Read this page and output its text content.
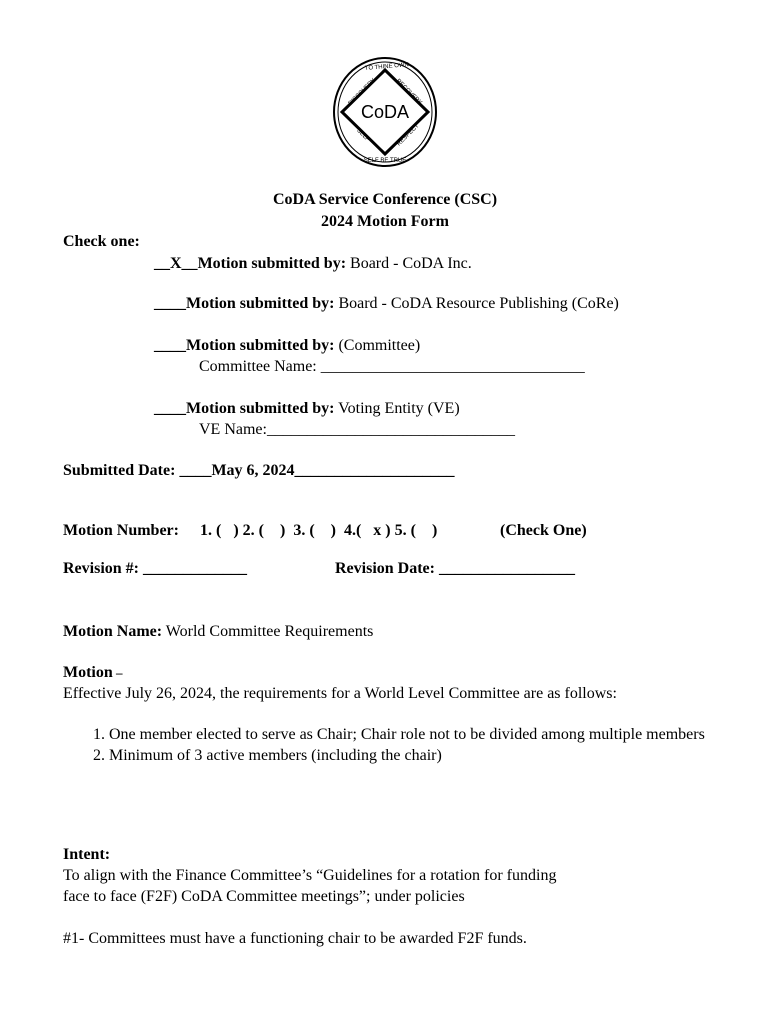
CoDA
TO THINE OWN
SELF BE TRUE
DISCOVERY	RECOVERY
SELF	RESPECT
CoDA Service Conference (CSC)
2024 Motion Form
Check one:
__X__Motion submitted by: Board - CoDA Inc.
____Motion submitted by: Board - CoDA Resource Publishing (CoRe)
____Motion submitted by: (Committee)
Committee Name: _________________________________
____Motion submitted by: Voting Entity (VE)
VE Name:_______________________________
Submitted Date: ____May 6, 2024____________________
Motion Number: 1. (   ) 2. (    )  3. (    )  4.(   x ) 5. (    )	(Check One)
Revision #: _____________	Revision Date: _________________
Motion Name: World Committee Requirements
Motion –
Effective July 26, 2024, the requirements for a World Level Committee are as follows:
1. One member elected to serve as Chair; Chair role not to be divided among multiple members
2. Minimum of 3 active members (including the chair)
Intent:
To align with the Finance Committee’s “Guidelines for a rotation for funding
face to face (F2F) CoDA Committee meetings”; under policies
#1- Committees must have a functioning chair to be awarded F2F funds.
